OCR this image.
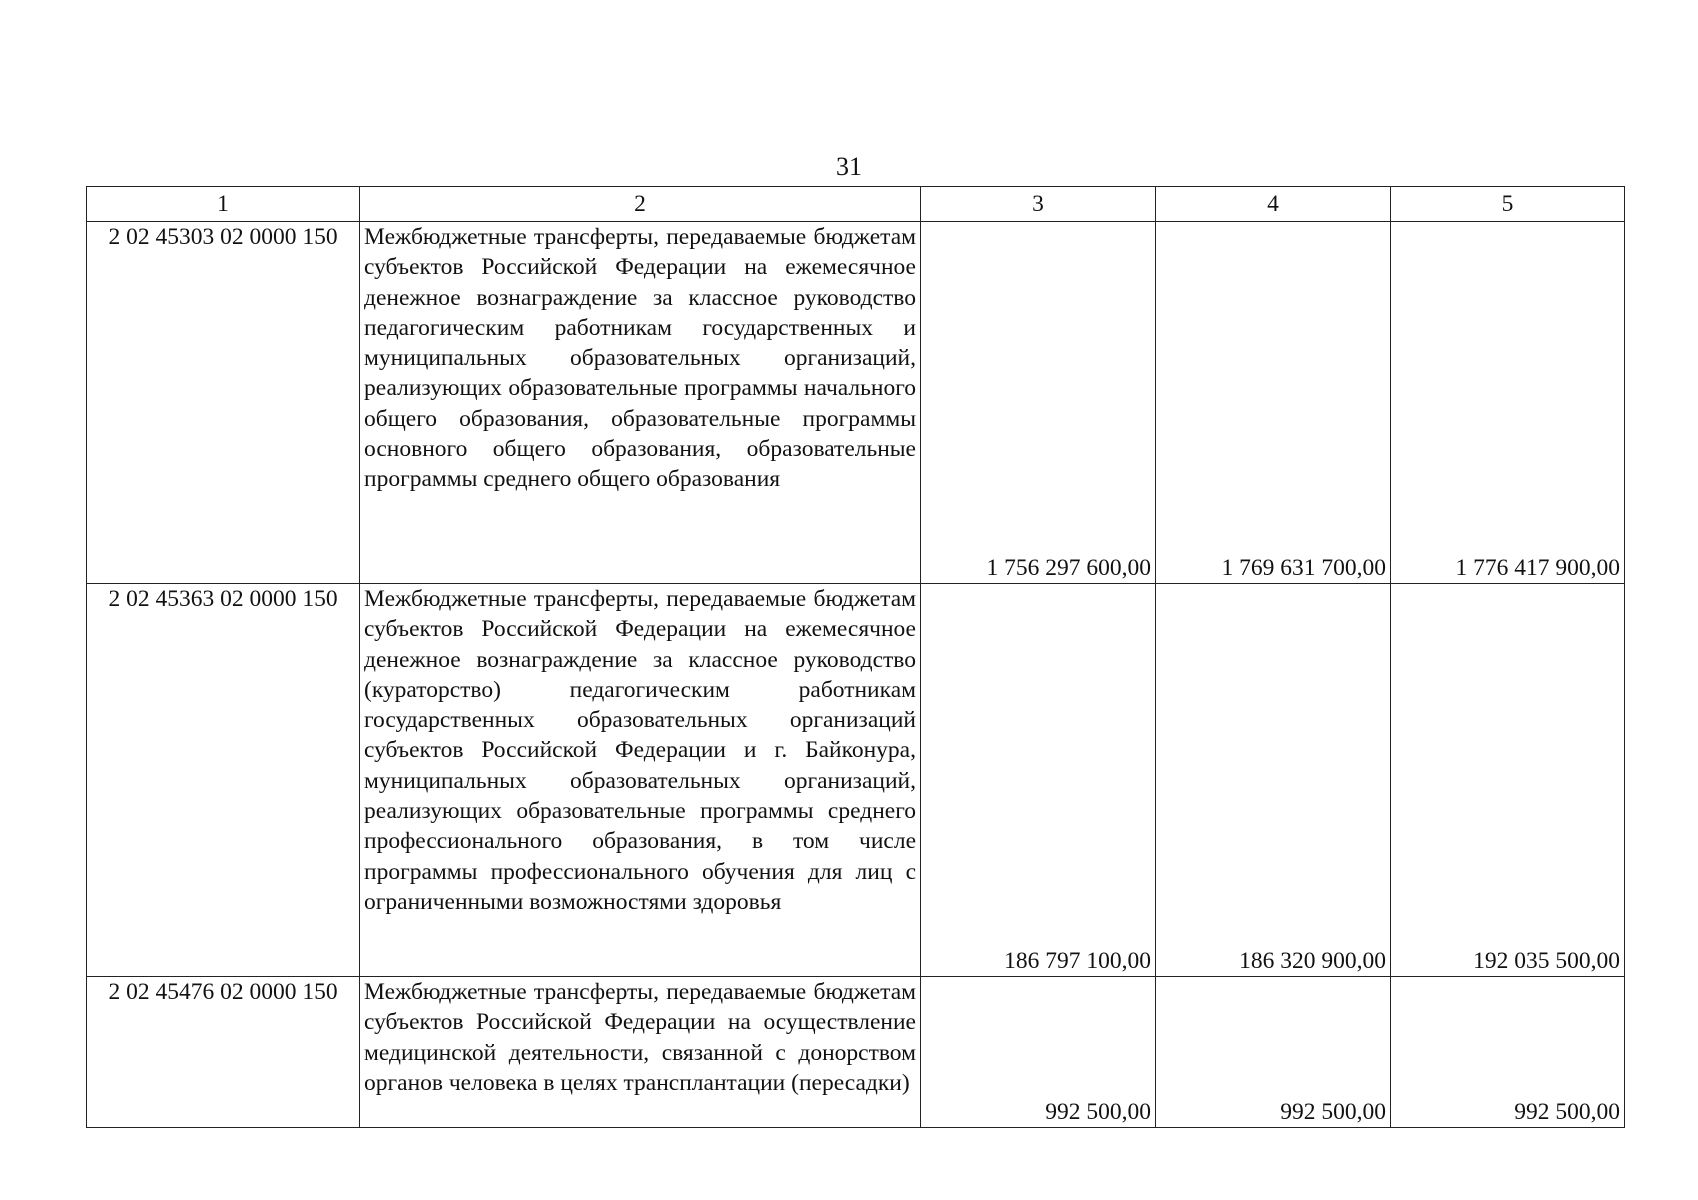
31
1	2	3	4	5
2 02 45303 02 0000 150	Межбюджетные трансферты, передаваемые бюджетам субъектов Российской Федерации на ежемесячное денежное вознаграждение за классное руководство педагогическим работникам государственных и муниципальных образовательных организаций, реализующих образовательные программы начального общего образования, образовательные программы основного общего образования, образовательные программы среднего общего образования	1 756 297 600,00	1 769 631 700,00	1 776 417 900,00
2 02 45363 02 0000 150	Межбюджетные трансферты, передаваемые бюджетам субъектов Российской Федерации на ежемесячное денежное вознаграждение за классное руководство (кураторство) педагогическим работникам государственных образовательных организаций субъектов Российской Федерации и г. Байконура, муниципальных образовательных организаций, реализующих образовательные программы среднего профессионального образования, в том числе программы профессионального обучения для лиц с ограниченными возможностями здоровья	186 797 100,00	186 320 900,00	192 035 500,00
2 02 45476 02 0000 150	Межбюджетные трансферты, передаваемые бюджетам субъектов Российской Федерации на осуществление медицинской деятельности, связанной с донорством органов человека в целях трансплантации (пересадки)	992 500,00	992 500,00	992 500,00
